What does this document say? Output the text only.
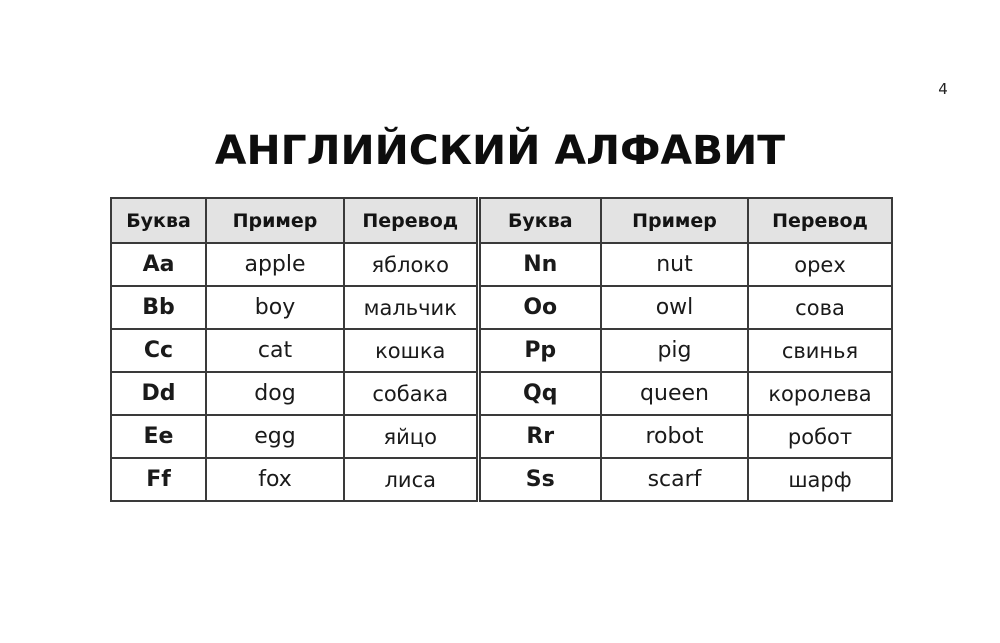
4
АНГЛИЙСКИЙ АЛФАВИТ
Буква	Пример	Перевод	Буква	Пример	Перевод
Aa	apple	яблоко	Nn	nut	орех
Bb	boy	мальчик	Oo	owl	сова
Cc	cat	кошка	Pp	pig	свинья
Dd	dog	собака	Qq	queen	королева
Ee	egg	яйцо	Rr	robot	робот
Ff	fox	лиса	Ss	scarf	шарф
